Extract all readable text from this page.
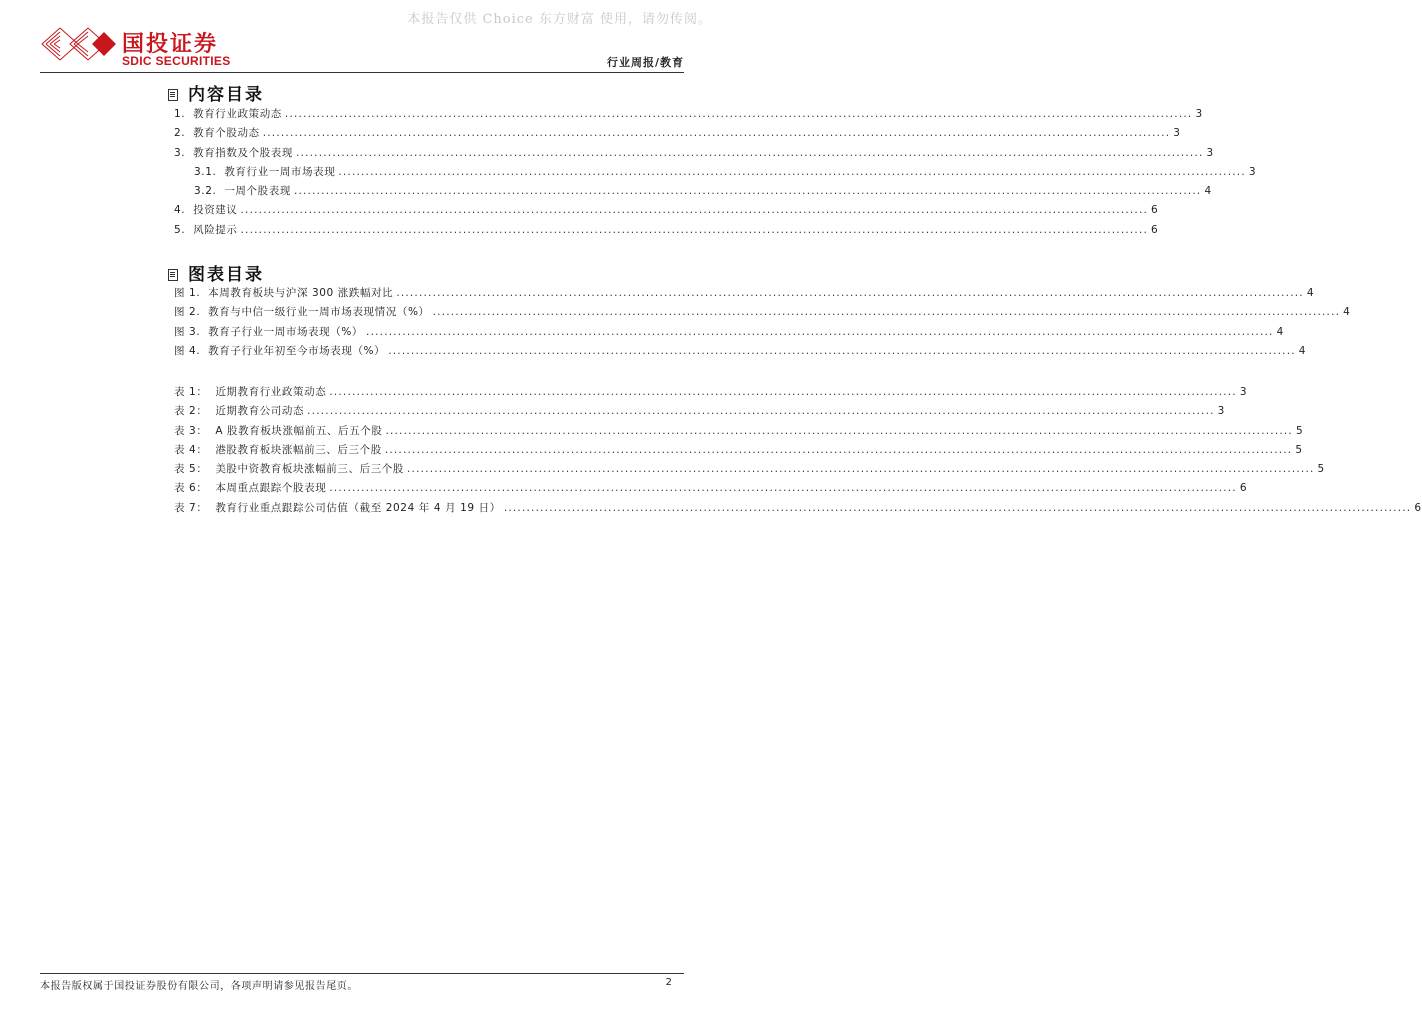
本报告仅供 Choice 东方财富 使用，请勿传阅。
国投证券
SDIC SECURITIES	行业周报/教育
内容目录
1.
教育行业政策动态 ........................................................................................................................................................................................................ 3
2.
教育个股动态 ........................................................................................................................................................................................................ 3
3.
教育指数及个股表现 ........................................................................................................................................................................................................ 3
3.1.
教育行业一周市场表现 ........................................................................................................................................................................................................ 3
3.2.
一周个股表现 ........................................................................................................................................................................................................ 4
4.
投资建议 ........................................................................................................................................................................................................ 6
5.
风险提示 ........................................................................................................................................................................................................ 6
图表目录
图 1.
本周教育板块与沪深 300 涨跌幅对比 ........................................................................................................................................................................................................ 4
图 2.
教育与中信一级行业一周市场表现情况（%） ........................................................................................................................................................................................................ 4
图 3.
教育子行业一周市场表现（%） ........................................................................................................................................................................................................ 4
图 4.
教育子行业年初至今市场表现（%） ........................................................................................................................................................................................................ 4
表 1：
近期教育行业政策动态 ........................................................................................................................................................................................................ 3
表 2：
近期教育公司动态 ........................................................................................................................................................................................................ 3
表 3：
A 股教育板块涨幅前五、后五个股 ........................................................................................................................................................................................................ 5
表 4：
港股教育板块涨幅前三、后三个股 ........................................................................................................................................................................................................ 5
表 5：
美股中资教育板块涨幅前三、后三个股 ........................................................................................................................................................................................................ 5
表 6：
本周重点跟踪个股表现 ........................................................................................................................................................................................................ 6
表 7：
教育行业重点跟踪公司估值（截至 2024 年 4 月 19 日） ........................................................................................................................................................................................................ 6
本报告版权属于国投证券股份有限公司，各项声明请参见报告尾页。	2
